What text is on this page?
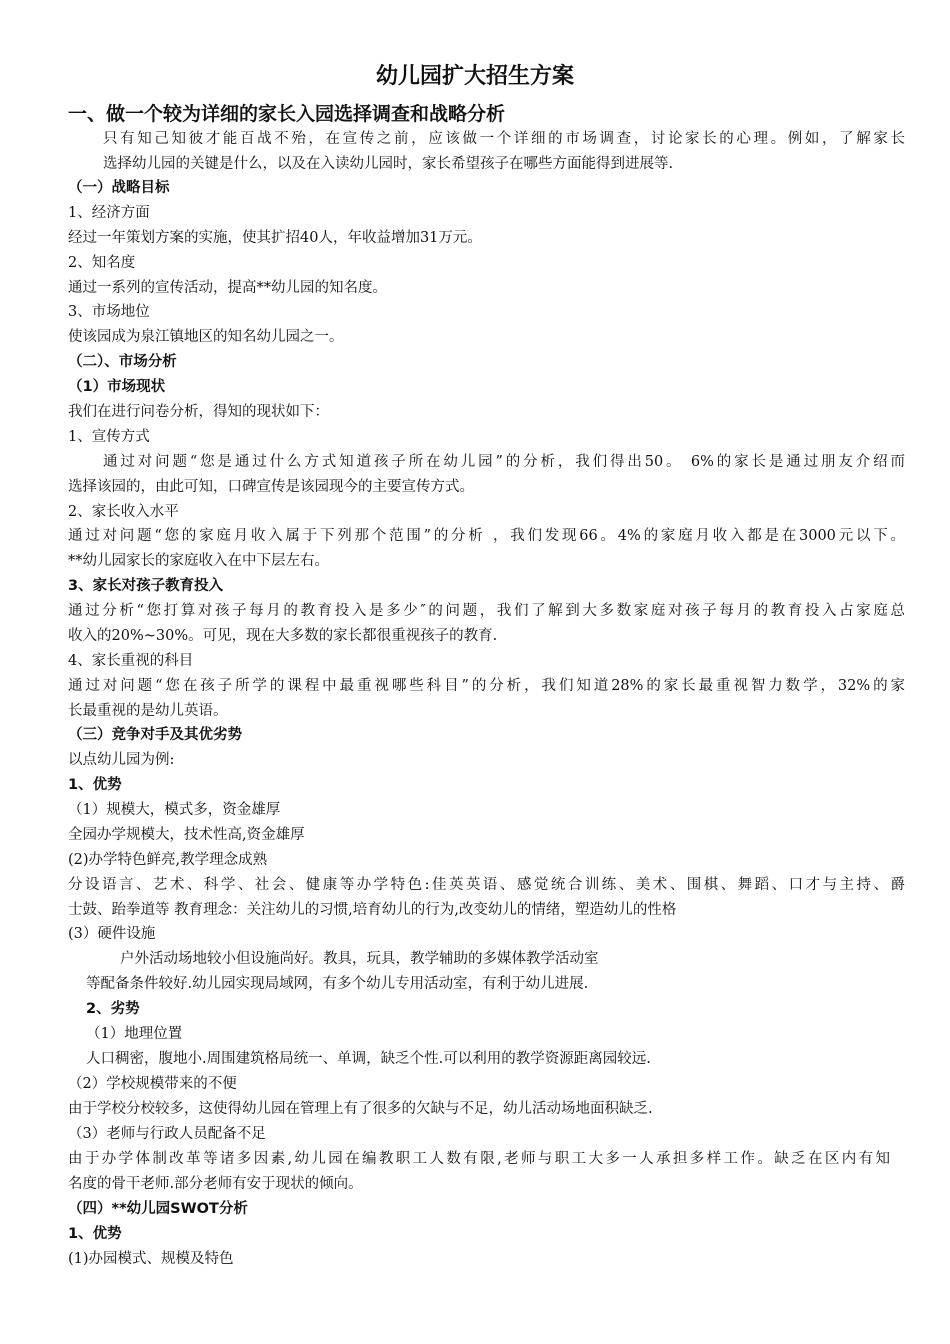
幼儿园扩大招生方案
一、做一个较为详细的家长入园选择调查和战略分析
只有知己知彼才能百战不殆，在宣传之前，应该做一个详细的市场调查，讨论家长的心理。例如，了解家长
选择幼儿园的关键是什么，以及在入读幼儿园时，家长希望孩子在哪些方面能得到进展等.
（一）战略目标
1、经济方面
经过一年策划方案的实施，使其扩招40人，年收益增加31万元。
2、知名度
通过一系列的宣传活动，提高**幼儿园的知名度。
3、市场地位
使该园成为泉江镇地区的知名幼儿园之一。
（二）、市场分析
（1）市场现状
我们在进行问卷分析，得知的现状如下：
1、宣传方式
通过对问题“您是通过什么方式知道孩子所在幼儿园”的分析，我们得出50。 6%的家长是通过朋友介绍而
选择该园的，由此可知，口碑宣传是该园现今的主要宣传方式。
2、家长收入水平
通过对问题“您的家庭月收入属于下列那个范围”的分析 ，我们发现66。4%的家庭月收入都是在3000元以下。
**幼儿园家长的家庭收入在中下层左右。
3、家长对孩子教育投入
通过分析“您打算对孩子每月的教育投入是多少″的问题，我们了解到大多数家庭对孩子每月的教育投入占家庭总
收入的20%~30%。可见，现在大多数的家长都很重视孩子的教育.
4、家长重视的科目
通过对问题“您在孩子所学的课程中最重视哪些科目”的分析，我们知道28%的家长最重视智力数学，32%的家
长最重视的是幼儿英语。
（三）竞争对手及其优劣势
以点幼儿园为例:
1、优势
（1）规模大，模式多，资金雄厚
全园办学规模大，技术性高,资金雄厚
(2)办学特色鲜亮,教学理念成熟
分设语言、艺术、科学、社会、健康等办学特色:佳英英语、感觉统合训练、美术、围棋、舞蹈、口才与主持、爵
士鼓、跆拳道等 教育理念：关注幼儿的习惯,培育幼儿的行为,改变幼儿的情绪，塑造幼儿的性格
(3）硬件设施
户外活动场地较小但设施尚好。教具，玩具，教学辅助的多媒体教学活动室
等配备条件较好.幼儿园实现局域网，有多个幼儿专用活动室，有利于幼儿进展.
2、劣势
（1）地理位置
人口稠密，腹地小.周围建筑格局统一、单调，缺乏个性.可以利用的教学资源距离园较远.
（2）学校规模带来的不便
由于学校分校较多，这使得幼儿园在管理上有了很多的欠缺与不足，幼儿活动场地面积缺乏.
（3）老师与行政人员配备不足
由于办学体制改革等诸多因素,幼儿园在编教职工人数有限,老师与职工大多一人承担多样工作。缺乏在区内有知
名度的骨干老师.部分老师有安于现状的倾向。
（四）**幼儿园SWOT分析
1、优势
(1)办园模式、规模及特色
